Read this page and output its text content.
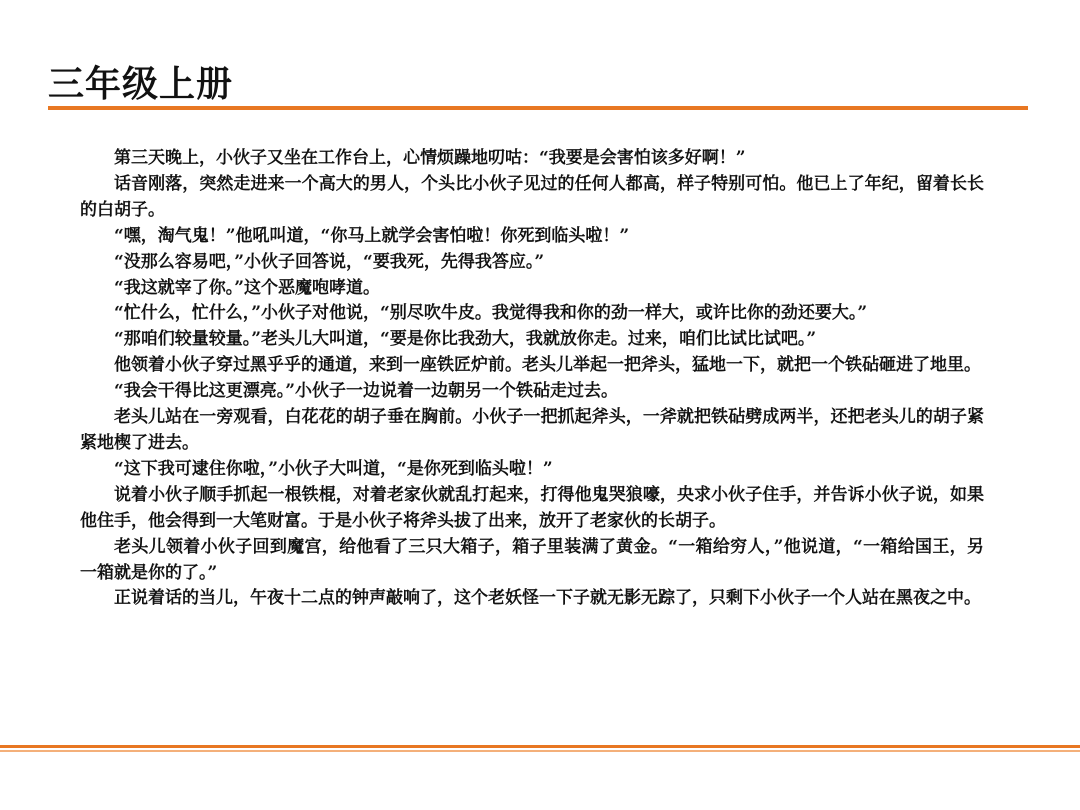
三年级上册

第三天晚上，小伙子又坐在工作台上，心情烦躁地叨咕：“我要是会害怕该多好啊！”

话音刚落，突然走进来一个高大的男人，个头比小伙子见过的任何人都高，样子特别可怕。他已上了年纪，留着长长的白胡子。

“嘿，淘气鬼！”他吼叫道，“你马上就学会害怕啦！你死到临头啦！”

“没那么容易吧，”小伙子回答说，“要我死，先得我答应。”

“我这就宰了你。”这个恶魔咆哮道。

“忙什么，忙什么，”小伙子对他说，“别尽吹牛皮。我觉得我和你的劲一样大，或许比你的劲还要大。”

“那咱们较量较量。”老头儿大叫道，“要是你比我劲大，我就放你走。过来，咱们比试比试吧。”

他领着小伙子穿过黑乎乎的通道，来到一座铁匠炉前。老头儿举起一把斧头，猛地一下，就把一个铁砧砸进了地里。

“我会干得比这更漂亮。”小伙子一边说着一边朝另一个铁砧走过去。

老头儿站在一旁观看，白花花的胡子垂在胸前。小伙子一把抓起斧头，一斧就把铁砧劈成两半，还把老头儿的胡子紧紧地楔了进去。

“这下我可逮住你啦，”小伙子大叫道，“是你死到临头啦！”

说着小伙子顺手抓起一根铁棍，对着老家伙就乱打起来，打得他鬼哭狼嚎，央求小伙子住手，并告诉小伙子说，如果他住手，他会得到一大笔财富。于是小伙子将斧头拔了出来，放开了老家伙的长胡子。

老头儿领着小伙子回到魔宫，给他看了三只大箱子，箱子里装满了黄金。“一箱给穷人，”他说道，“一箱给国王，另一箱就是你的了。”

正说着话的当儿，午夜十二点的钟声敲响了，这个老妖怪一下子就无影无踪了，只剩下小伙子一个人站在黑夜之中。
